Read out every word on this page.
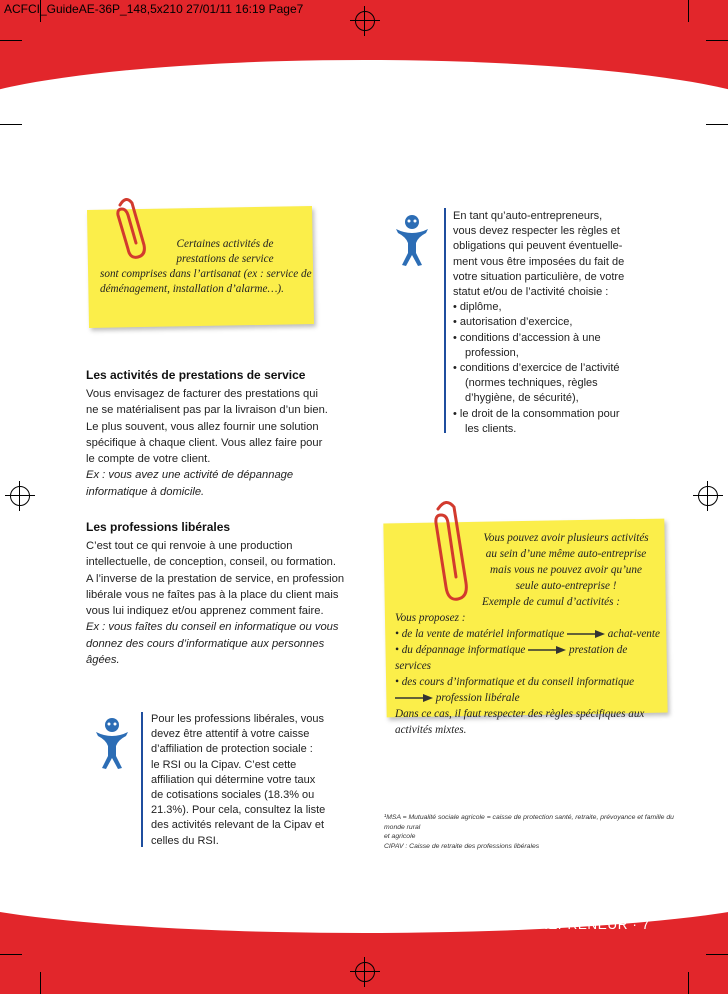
ACFCI_GuideAE-36P_148,5x210 27/01/11 16:19 Page7
Certaines activités de
prestations de service
sont comprises dans l’artisanat (ex : service de
déménagement, installation d’alarme…).
En tant qu’auto-entrepreneurs,
vous devez respecter les règles et
obligations qui peuvent éventuelle-
ment vous être imposées du fait de
votre situation particulière, de votre
statut et/ou de l’activité choisie :
• diplôme,
• autorisation d’exercice,
• conditions d’accession à une
profession,
• conditions d’exercice de l’activité
(normes techniques, règles
d’hygiène, de sécurité),
• le droit de la consommation pour
les clients.
Les activités de prestations de service
Vous envisagez de facturer des prestations qui
ne se matérialisent pas par la livraison d’un bien.
Le plus souvent, vous allez fournir une solution
spécifique à chaque client. Vous allez faire pour
le compte de votre client.
Ex : vous avez une activité de dépannage
informatique à domicile.
Les professions libérales
C’est tout ce qui renvoie à une production
intellectuelle, de conception, conseil, ou formation.
A l’inverse de la prestation de service, en profession
libérale vous ne faîtes pas à la place du client mais
vous lui indiquez et/ou apprenez comment faire.
Ex : vous faîtes du conseil en informatique ou vous
donnez des cours d’informatique aux personnes
âgées.
Vous pouvez avoir plusieurs activités
au sein d’une même auto-entreprise
mais vous ne pouvez avoir qu’une
seule auto-entreprise !
Exemple de cumul d’activités :
Vous proposez :
• de la vente de matériel informatique	achat-vente
• du dépannage informatique	prestation de services
• des cours d’informatique et du conseil informatique
profession libérale
Dans ce cas, il faut respecter des règles spécifiques aux
activités mixtes.
Pour les professions libérales, vous
devez être attentif à votre caisse
d’affiliation de protection sociale :
le RSI ou la Cipav. C’est cette
affiliation qui détermine votre taux
de cotisations sociales (18.3% ou
21.3%). Pour cela, consultez la liste
des activités relevant de la Cipav et
celles du RSI.
¹MSA = Mutualité sociale agricole = caisse de protection santé, retraite, prévoyance et famille du monde rural
et agricole
CIPAV : Caisse de retraite des professions libérales
DEVENEZ AUTO-ENTREPRENEUR · 7
